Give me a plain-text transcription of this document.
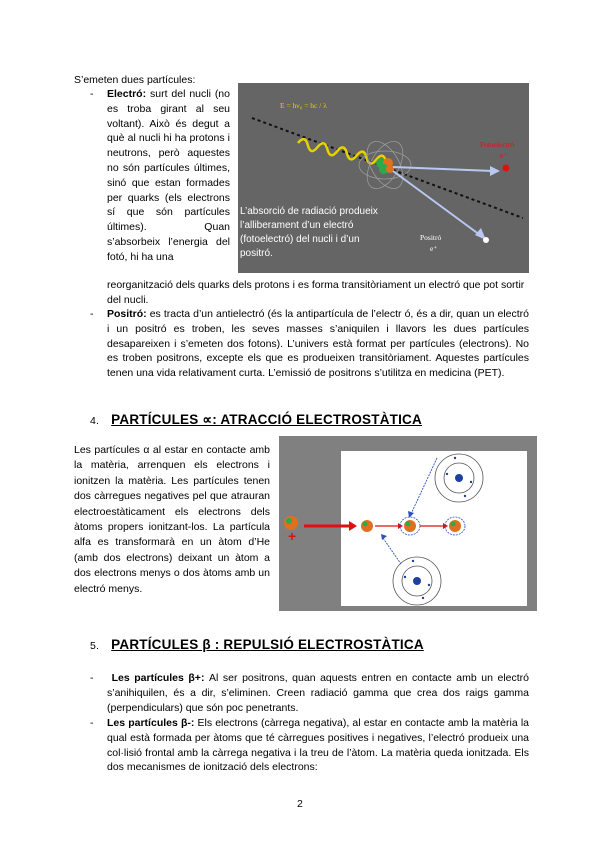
S’emeten dues partícules:
- Electró: surt del nucli (no es troba girant al seu voltant). Això és degut a què al nucli hi ha protons i neutrons, però aquestes no són partícules últimes, sinó que estan formades per quarks (els electrons sí que són partícules últimes). Quan s’absorbeix l’energia del fotó, hi ha una
reorganització dels quarks dels protons i es forma transitòriament un electró que pot sortir del nucli.
E = hν₀ = hc / λ
Fotoelectró
e⁻
Positró
e⁺
L’absorció de radiació produeix l’alliberament d’un electró (fotoelectró) del nucli i d’un positró.
- Positró: es tracta d’un antielectró (és la antipartícula de l’electr ó, és a dir, quan un electró i un positró es troben, les seves masses s’aniquilen i llavors les dues partícules desapareixen i s’emeten dos fotons). L’univers està format per partícules (electrons). No es troben positrons, excepte els que es produeixen transitòriament. Aquestes partícules tenen una vida relativament curta. L’emissió de positrons s’utilitza en medicina (PET).
4. PARTÍCULES ∝: ATRACCIÓ ELECTROSTÀTICA
Les partícules α al estar en contacte amb la matèria, arrenquen els electrons i ionitzen la matèria. Les partícules tenen dos càrregues negatives pel que atrauran electroestàticament els electrons dels àtoms propers ionitzant-los. La partícula alfa es transformarà en un àtom d’He (amb dos electrons) deixant un àtom a dos electrons menys o dos àtoms amb un electró menys.
+
5. PARTÍCULES β : REPULSIÓ ELECTROSTÀTICA
-	Les partícules β+: Al ser positrons, quan aquests entren en contacte amb un electró s’anihiquilen, és a dir, s’eliminen. Creen radiació gamma que crea dos raigs gamma (perpendiculars) que són poc penetrants.
- Les partícules β-: Els electrons (càrrega negativa), al estar en contacte amb la matèria la qual està formada per àtoms que té càrregues positives i negatives, l’electró produeix una col·lisió frontal amb la càrrega negativa i la treu de l’àtom. La matèria queda ionitzada. Els dos mecanismes de ionització dels electrons:
2
